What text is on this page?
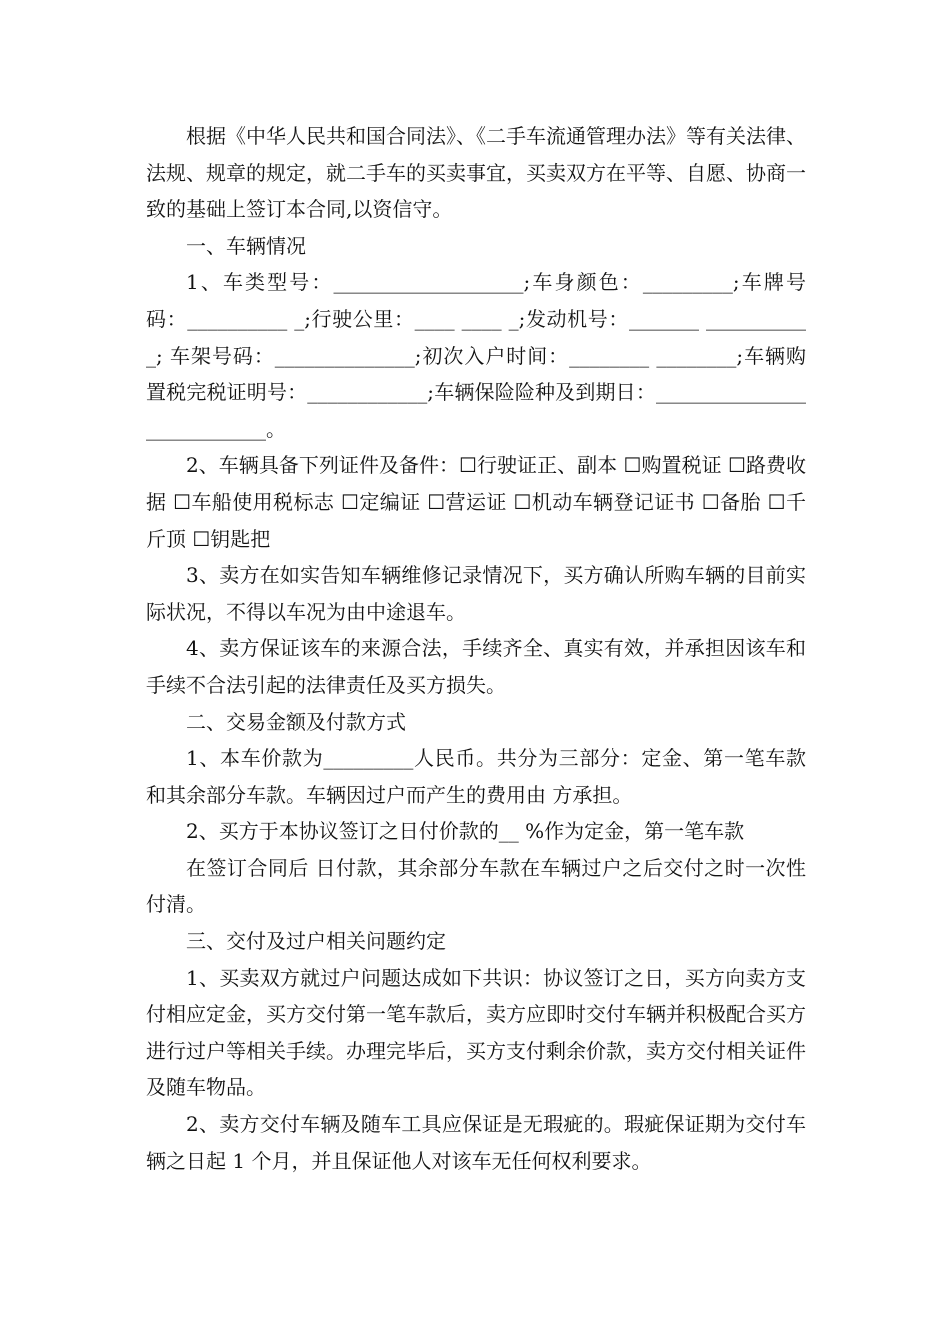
根据《中华人民共和国合同法》、《二手车流通管理办法》等有关法律、法规、规章的规定，就二手车的买卖事宜，买卖双方在平等、自愿、协商一致的基础上签订本合同,以资信守。

一、车辆情况

1、车类型号：___________________;车身颜色：_________;车牌号码：__________ _;行驶公里：____ ____ _;发动机号：_______ ___________; 车架号码：______________;初次入户时间：________ ________;车辆购置税完税证明号：____________;车辆保险险种及到期日：___________________________。

2、车辆具备下列证件及备件：☐行驶证正、副本 ☐购置税证 ☐路费收据 ☐车船使用税标志 ☐定编证 ☐营运证 ☐机动车辆登记证书 ☐备胎 ☐千斤顶 ☐钥匙把

3、卖方在如实告知车辆维修记录情况下，买方确认所购车辆的目前实际状况，不得以车况为由中途退车。

4、卖方保证该车的来源合法，手续齐全、真实有效，并承担因该车和手续不合法引起的法律责任及买方损失。

二、交易金额及付款方式

1、本车价款为_________人民币。共分为三部分：定金、第一笔车款和其余部分车款。车辆因过户而产生的费用由 方承担。

2、买方于本协议签订之日付价款的__ %作为定金，第一笔车款

在签订合同后 日付款，其余部分车款在车辆过户之后交付之时一次性付清。

三、交付及过户相关问题约定

1、买卖双方就过户问题达成如下共识：协议签订之日，买方向卖方支付相应定金，买方交付第一笔车款后，卖方应即时交付车辆并积极配合买方进行过户等相关手续。办理完毕后，买方支付剩余价款，卖方交付相关证件及随车物品。

2、卖方交付车辆及随车工具应保证是无瑕疵的。瑕疵保证期为交付车辆之日起 1 个月，并且保证他人对该车无任何权利要求。
